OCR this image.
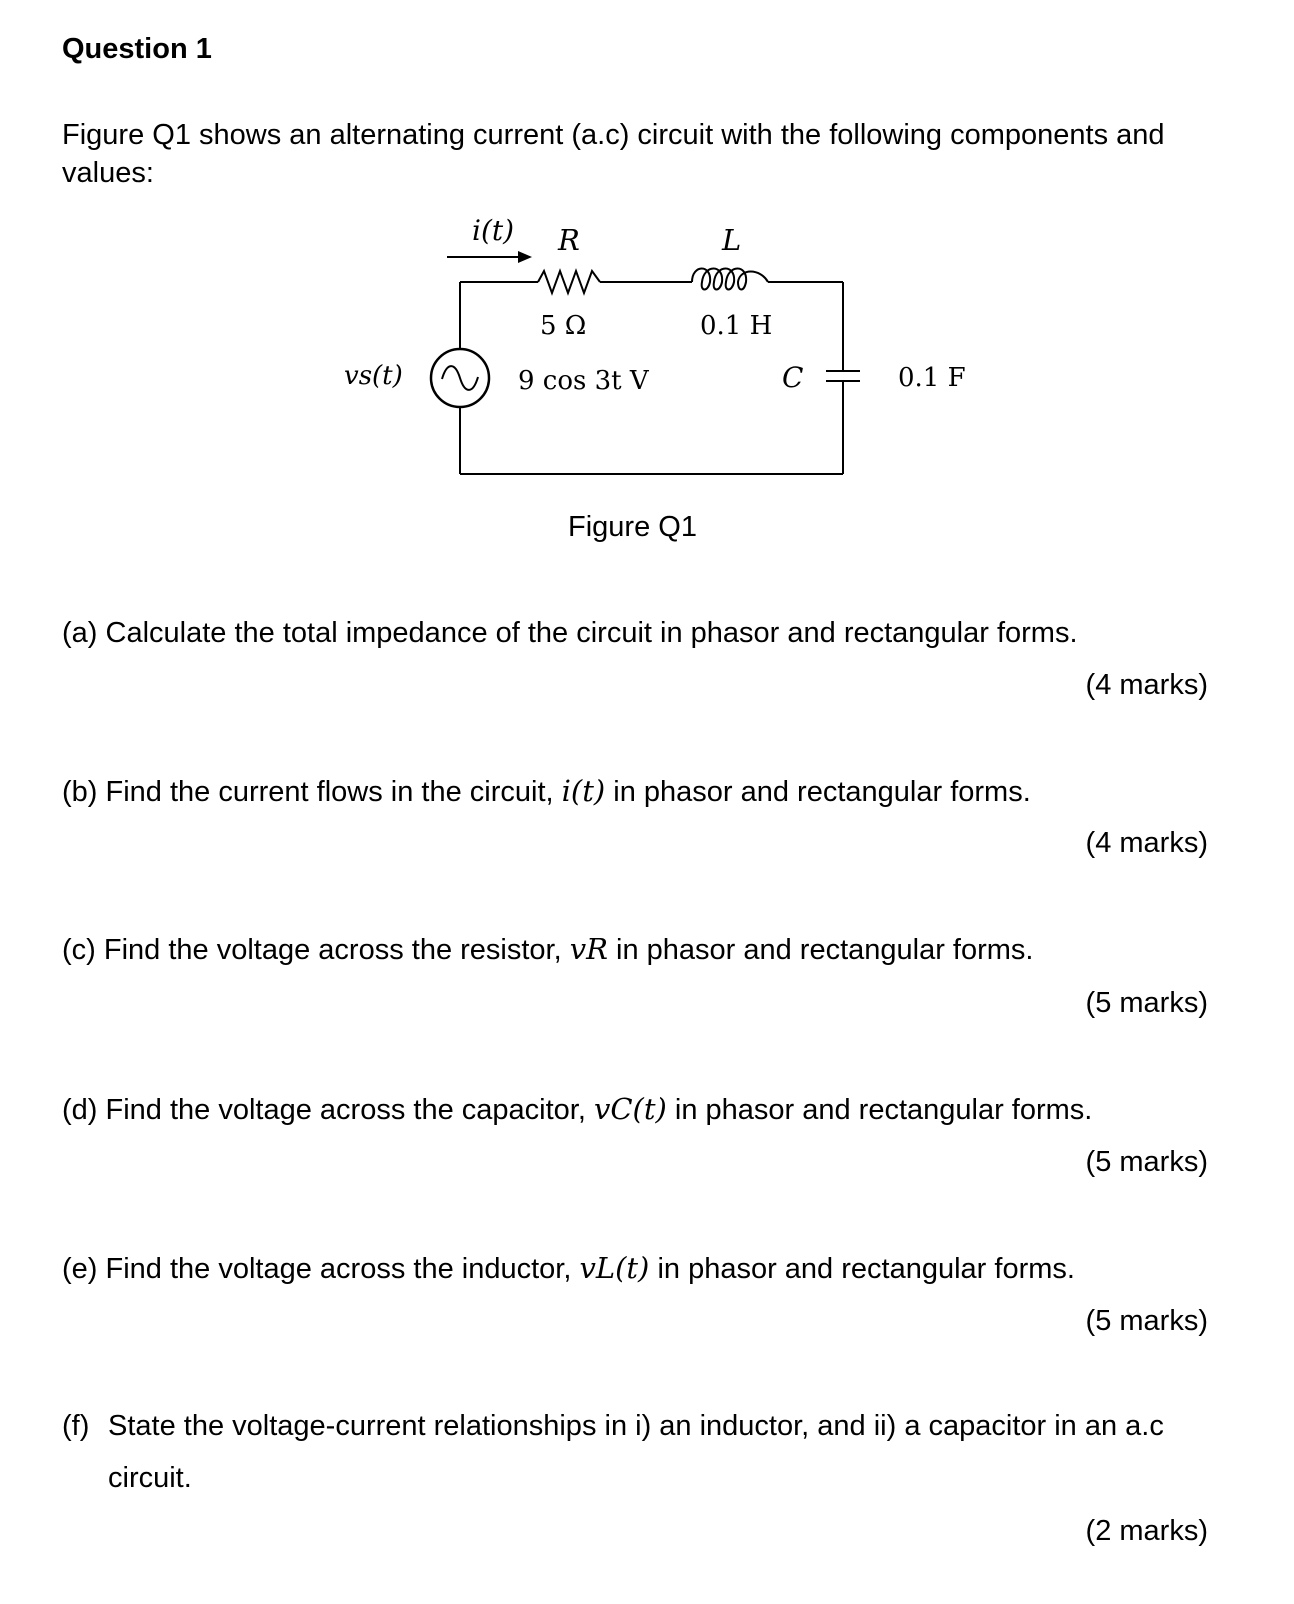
Question 1
Figure Q1 shows an alternating current (a.c) circuit with the following components and values:
i(t) R
5 Ω
L
0.1 H
C	0.1 F
vs(t)	9 cos 3t V
Figure Q1
(a) Calculate the total impedance of the circuit in phasor and rectangular forms.
(4 marks)
(b) Find the current flows in the circuit, i(t) in phasor and rectangular forms.
(4 marks)
(c) Find the voltage across the resistor, vR in phasor and rectangular forms.
(5 marks)
(d) Find the voltage across the capacitor, vC(t) in phasor and rectangular forms.
(5 marks)
(e) Find the voltage across the inductor, vL(t) in phasor and rectangular forms.
(5 marks)
(f) State the voltage-current relationships in i) an inductor, and ii) a capacitor in an a.c circuit.
(2 marks)
